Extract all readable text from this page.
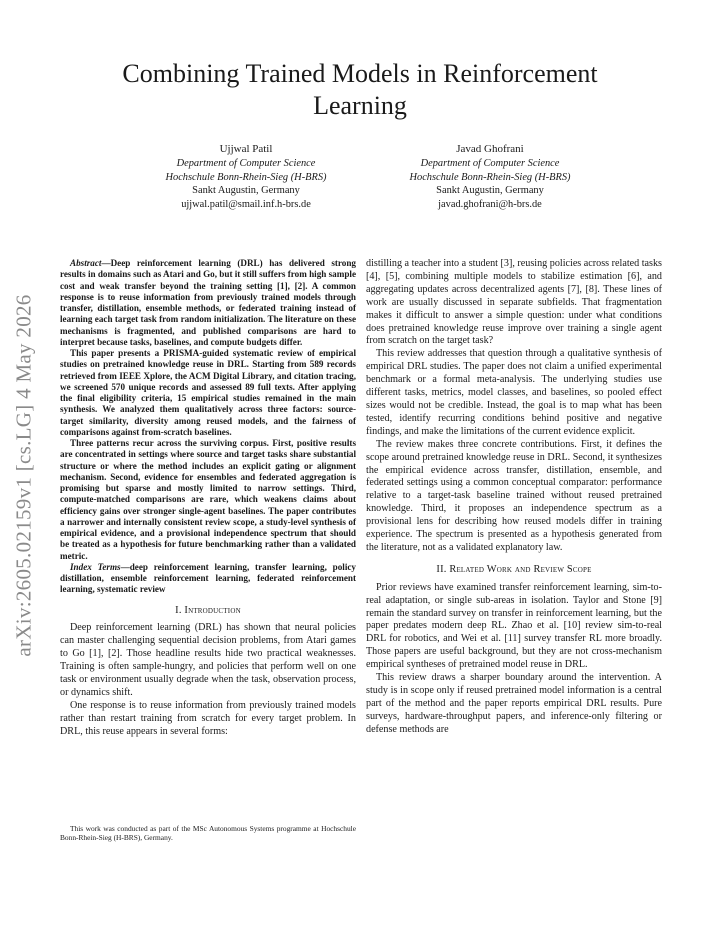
arXiv:2605.02159v1 [cs.LG] 4 May 2026
Combining Trained Models in Reinforcement Learning
Ujjwal Patil
Department of Computer Science
Hochschule Bonn-Rhein-Sieg (H-BRS)
Sankt Augustin, Germany
ujjwal.patil@smail.inf.h-brs.de
Javad Ghofrani
Department of Computer Science
Hochschule Bonn-Rhein-Sieg (H-BRS)
Sankt Augustin, Germany
javad.ghofrani@h-brs.de

Abstract—Deep reinforcement learning (DRL) has delivered strong results in domains such as Atari and Go, but it still suffers from high sample cost and weak transfer beyond the training setting [1], [2]. A common response is to reuse information from previously trained models through transfer, distillation, ensemble methods, or federated training instead of learning each target task from random initialization. The literature on these mechanisms is fragmented, and published comparisons are hard to interpret because tasks, baselines, and compute budgets differ.

This paper presents a PRISMA-guided systematic review of empirical studies on pretrained knowledge reuse in DRL. Starting from 589 records retrieved from IEEE Xplore, the ACM Digital Library, and citation tracing, we screened 570 unique records and assessed 89 full texts. After applying the final eligibility criteria, 15 empirical studies remained in the main synthesis. We analyzed them qualitatively across three factors: source-target similarity, diversity among reused models, and the fairness of comparisons against from-scratch baselines.

Three patterns recur across the surviving corpus. First, positive results are concentrated in settings where source and target tasks share substantial structure or where the method includes an explicit gating or alignment mechanism. Second, evidence for ensembles and federated aggregation is promising but sparse and mostly limited to narrow settings. Third, compute-matched comparisons are rare, which weakens claims about efficiency gains over stronger single-agent baselines. The paper contributes a narrower and internally consistent review scope, a study-level synthesis of empirical evidence, and a provisional independence spectrum that should be treated as a hypothesis for future benchmarking rather than a validated metric.

Index Terms—deep reinforcement learning, transfer learning, policy distillation, ensemble reinforcement learning, federated reinforcement learning, systematic review

I. Introduction

Deep reinforcement learning (DRL) has shown that neural policies can master challenging sequential decision problems, from Atari games to Go [1], [2]. Those headline results hide two practical weaknesses. Training is often sample-hungry, and policies that perform well on one task or environment usually degrade when the task, observation process, or dynamics shift.

One response is to reuse information from previously trained models rather than restart training from scratch for every target problem. In DRL, this reuse appears in several forms:

distilling a teacher into a student [3], reusing policies across related tasks [4], [5], combining multiple models to stabilize estimation [6], and aggregating updates across decentralized agents [7], [8]. These lines of work are usually discussed in separate subfields. That fragmentation makes it difficult to answer a simple question: under what conditions does pretrained knowledge reuse improve over training a single agent from scratch on the target task?

This review addresses that question through a qualitative synthesis of empirical DRL studies. The paper does not claim a unified experimental benchmark or a formal meta-analysis. The underlying studies use different tasks, metrics, model classes, and baselines, so pooled effect sizes would not be credible. Instead, the goal is to map what has been tested, identify recurring conditions behind positive and negative findings, and make the limitations of the current evidence explicit.

The review makes three concrete contributions. First, it defines the scope around pretrained knowledge reuse in DRL. Second, it synthesizes the empirical evidence across transfer, distillation, ensemble, and federated settings using a common conceptual comparator: performance relative to a target-task baseline trained without reused pretrained knowledge. Third, it proposes an independence spectrum as a provisional lens for describing how reused models differ in training experience. The spectrum is presented as a hypothesis generated from the literature, not as a validated explanatory law.

II. Related Work and Review Scope

Prior reviews have examined transfer reinforcement learning, sim-to-real adaptation, or single sub-areas in isolation. Taylor and Stone [9] remain the standard survey on transfer in reinforcement learning, but the paper predates modern deep RL. Zhao et al. [10] review sim-to-real DRL for robotics, and Wei et al. [11] survey transfer RL more broadly. Those papers are useful background, but they are not cross-mechanism empirical syntheses of pretrained model reuse in DRL.

This review draws a sharper boundary around the intervention. A study is in scope only if reused pretrained model information is a central part of the method and the paper reports empirical DRL results. Pure surveys, hardware-throughput papers, and inference-only filtering or defense methods are

This work was conducted as part of the MSc Autonomous Systems programme at Hochschule Bonn-Rhein-Sieg (H-BRS), Germany.
